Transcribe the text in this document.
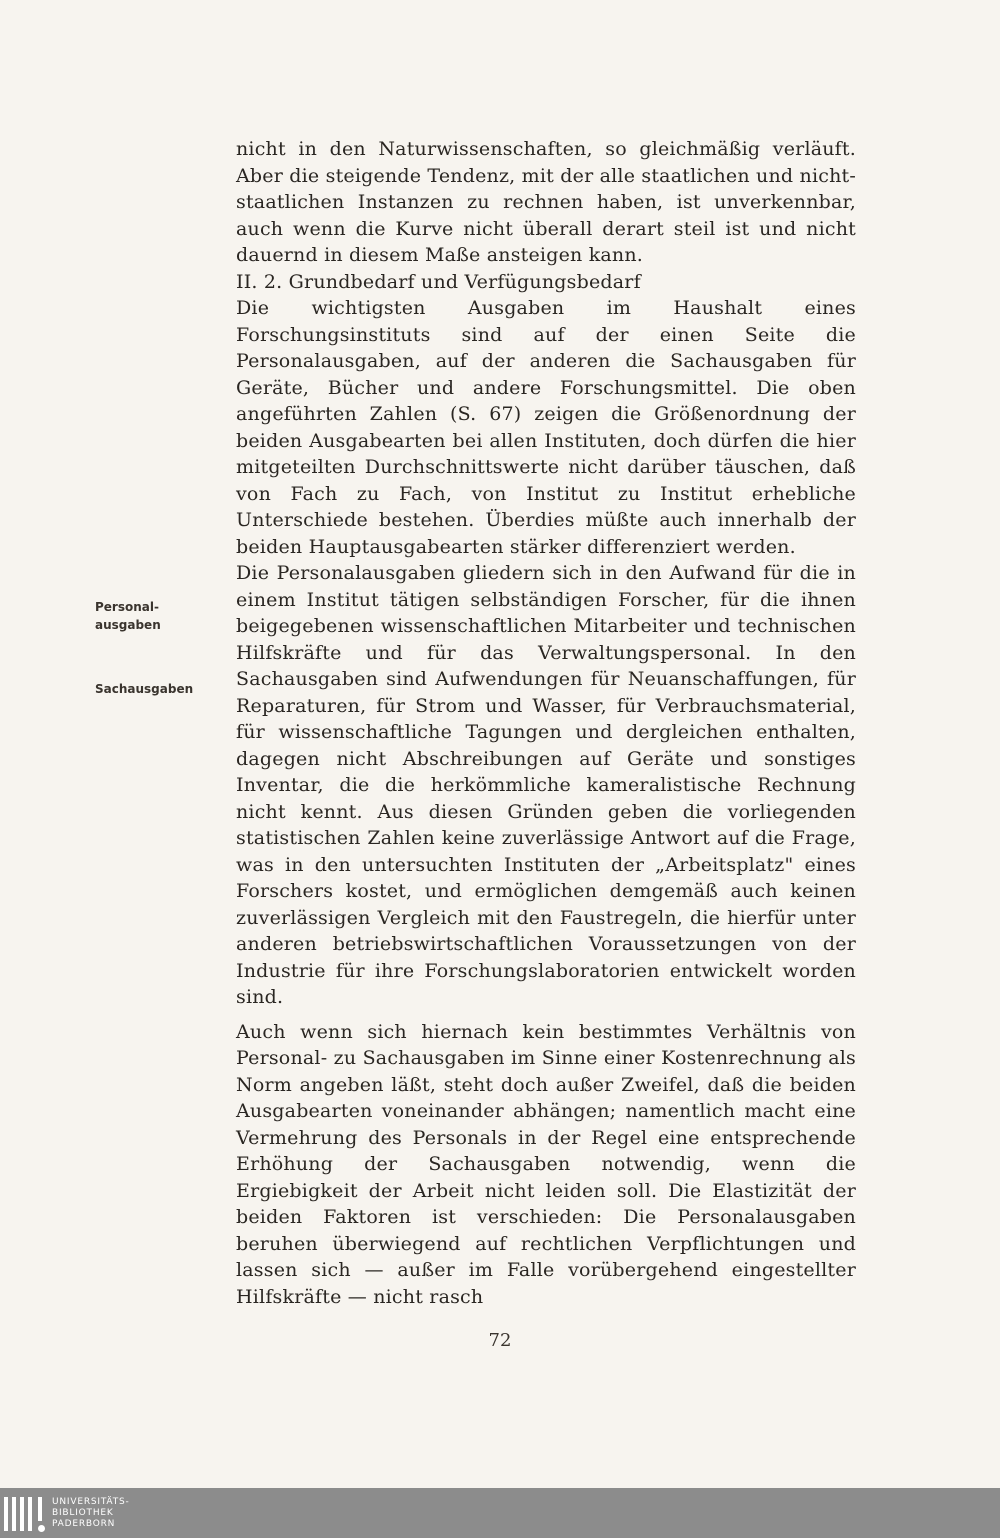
nicht in den Naturwissenschaften, so gleichmäßig verläuft. Aber die steigende Tendenz, mit der alle staatlichen und nicht-staatlichen Instanzen zu rechnen haben, ist unverkennbar, auch wenn die Kurve nicht überall derart steil ist und nicht dauernd in diesem Maße ansteigen kann.

II. 2. Grundbedarf und Verfügungsbedarf

Die wichtigsten Ausgaben im Haushalt eines Forschungsinstituts sind auf der einen Seite die Personalausgaben, auf der anderen die Sachausgaben für Geräte, Bücher und andere Forschungsmittel. Die oben angeführten Zahlen (S. 67) zeigen die Größenordnung der beiden Ausgabearten bei allen Instituten, doch dürfen die hier mitgeteilten Durchschnittswerte nicht darüber täuschen, daß von Fach zu Fach, von Institut zu Institut erhebliche Unterschiede bestehen. Überdies müßte auch innerhalb der beiden Hauptausgabearten stärker differenziert werden.

Die Personalausgaben gliedern sich in den Aufwand für die in einem Institut tätigen selbständigen Forscher, für die ihnen beigegebenen wissenschaftlichen Mitarbeiter und technischen Hilfskräfte und für das Verwaltungspersonal. In den Sachausgaben sind Aufwendungen für Neuanschaffungen, für Reparaturen, für Strom und Wasser, für Verbrauchsmaterial, für wissenschaftliche Tagungen und dergleichen enthalten, dagegen nicht Abschreibungen auf Geräte und sonstiges Inventar, die die herkömmliche kameralistische Rechnung nicht kennt. Aus diesen Gründen geben die vorliegenden statistischen Zahlen keine zuverlässige Antwort auf die Frage, was in den untersuchten Instituten der „Arbeitsplatz" eines Forschers kostet, und ermöglichen demgemäß auch keinen zuverlässigen Vergleich mit den Faustregeln, die hierfür unter anderen betriebswirtschaftlichen Voraussetzungen von der Industrie für ihre Forschungslaboratorien entwickelt worden sind.

Auch wenn sich hiernach kein bestimmtes Verhältnis von Personal- zu Sachausgaben im Sinne einer Kostenrechnung als Norm angeben läßt, steht doch außer Zweifel, daß die beiden Ausgabearten voneinander abhängen; namentlich macht eine Vermehrung des Personals in der Regel eine entsprechende Erhöhung der Sachausgaben notwendig, wenn die Ergiebigkeit der Arbeit nicht leiden soll. Die Elastizität der beiden Faktoren ist verschieden: Die Personalausgaben beruhen überwiegend auf rechtlichen Verpflichtungen und lassen sich — außer im Falle vorübergehend eingestellter Hilfskräfte — nicht rasch

Personal-
ausgaben
Sachausgaben
72
UNIVERSITÄTS-
BIBLIOTHEK
PADERBORN
